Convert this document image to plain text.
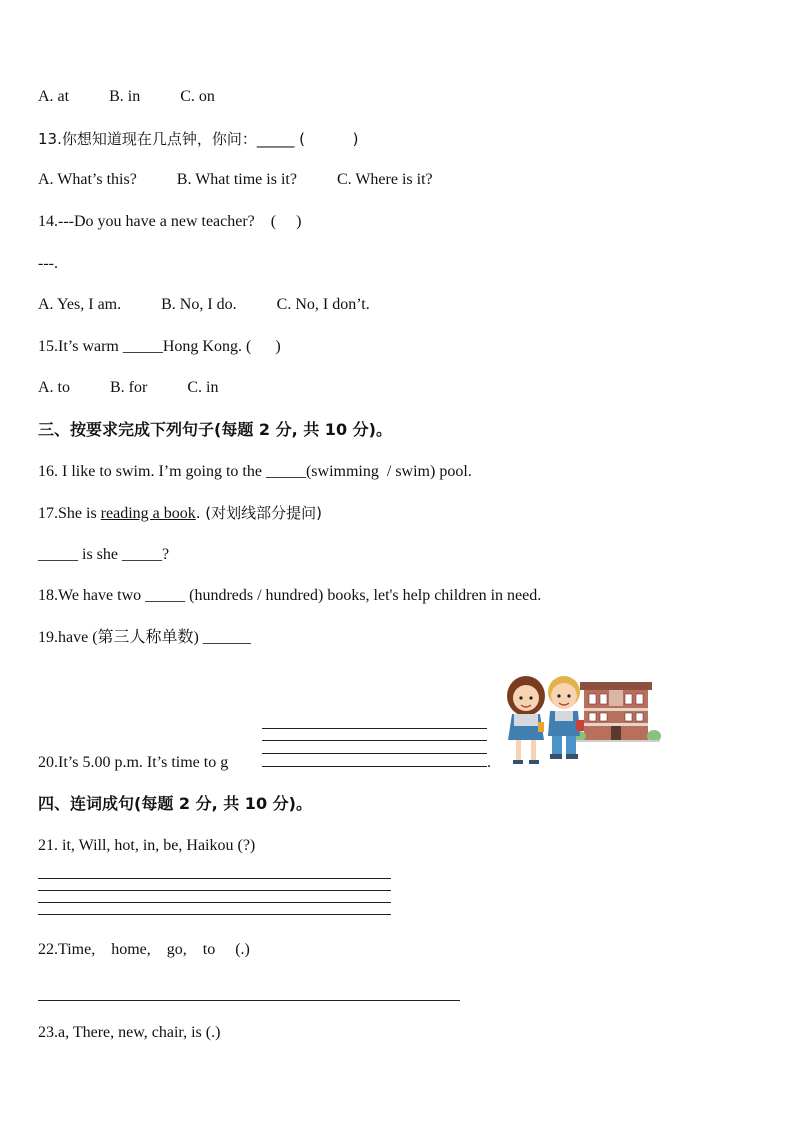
A. at          B. in          C. on
13.你想知道现在几点钟，你问：_____ (          )
A. What’s this?          B. What time is it?          C. Where is it?
14.---Do you have a new teacher?    (     )
---.
A. Yes, I am.          B. No, I do.          C. No, I don’t.
15.It’s warm _____Hong Kong. (      )
A. to          B. for          C. in
三、按要求完成下列句子(每题 2 分, 共 10 分)。
16. I like to swim. I’m going to the _____(swimming  / swim) pool.
17.She is reading a book. (对划线部分提问)
_____ is she _____?
18.We have two _____ (hundreds / hundred) books, let's help children in need.
19.have (第三人称单数) ______
20.It’s 5.00 p.m. It’s time to g	.
四、连词成句(每题 2 分, 共 10 分)。
21. it, Will, hot, in, be, Haikou (?)
22.Time,    home,    go,    to     (.)
23.a, There, new, chair, is (.)
